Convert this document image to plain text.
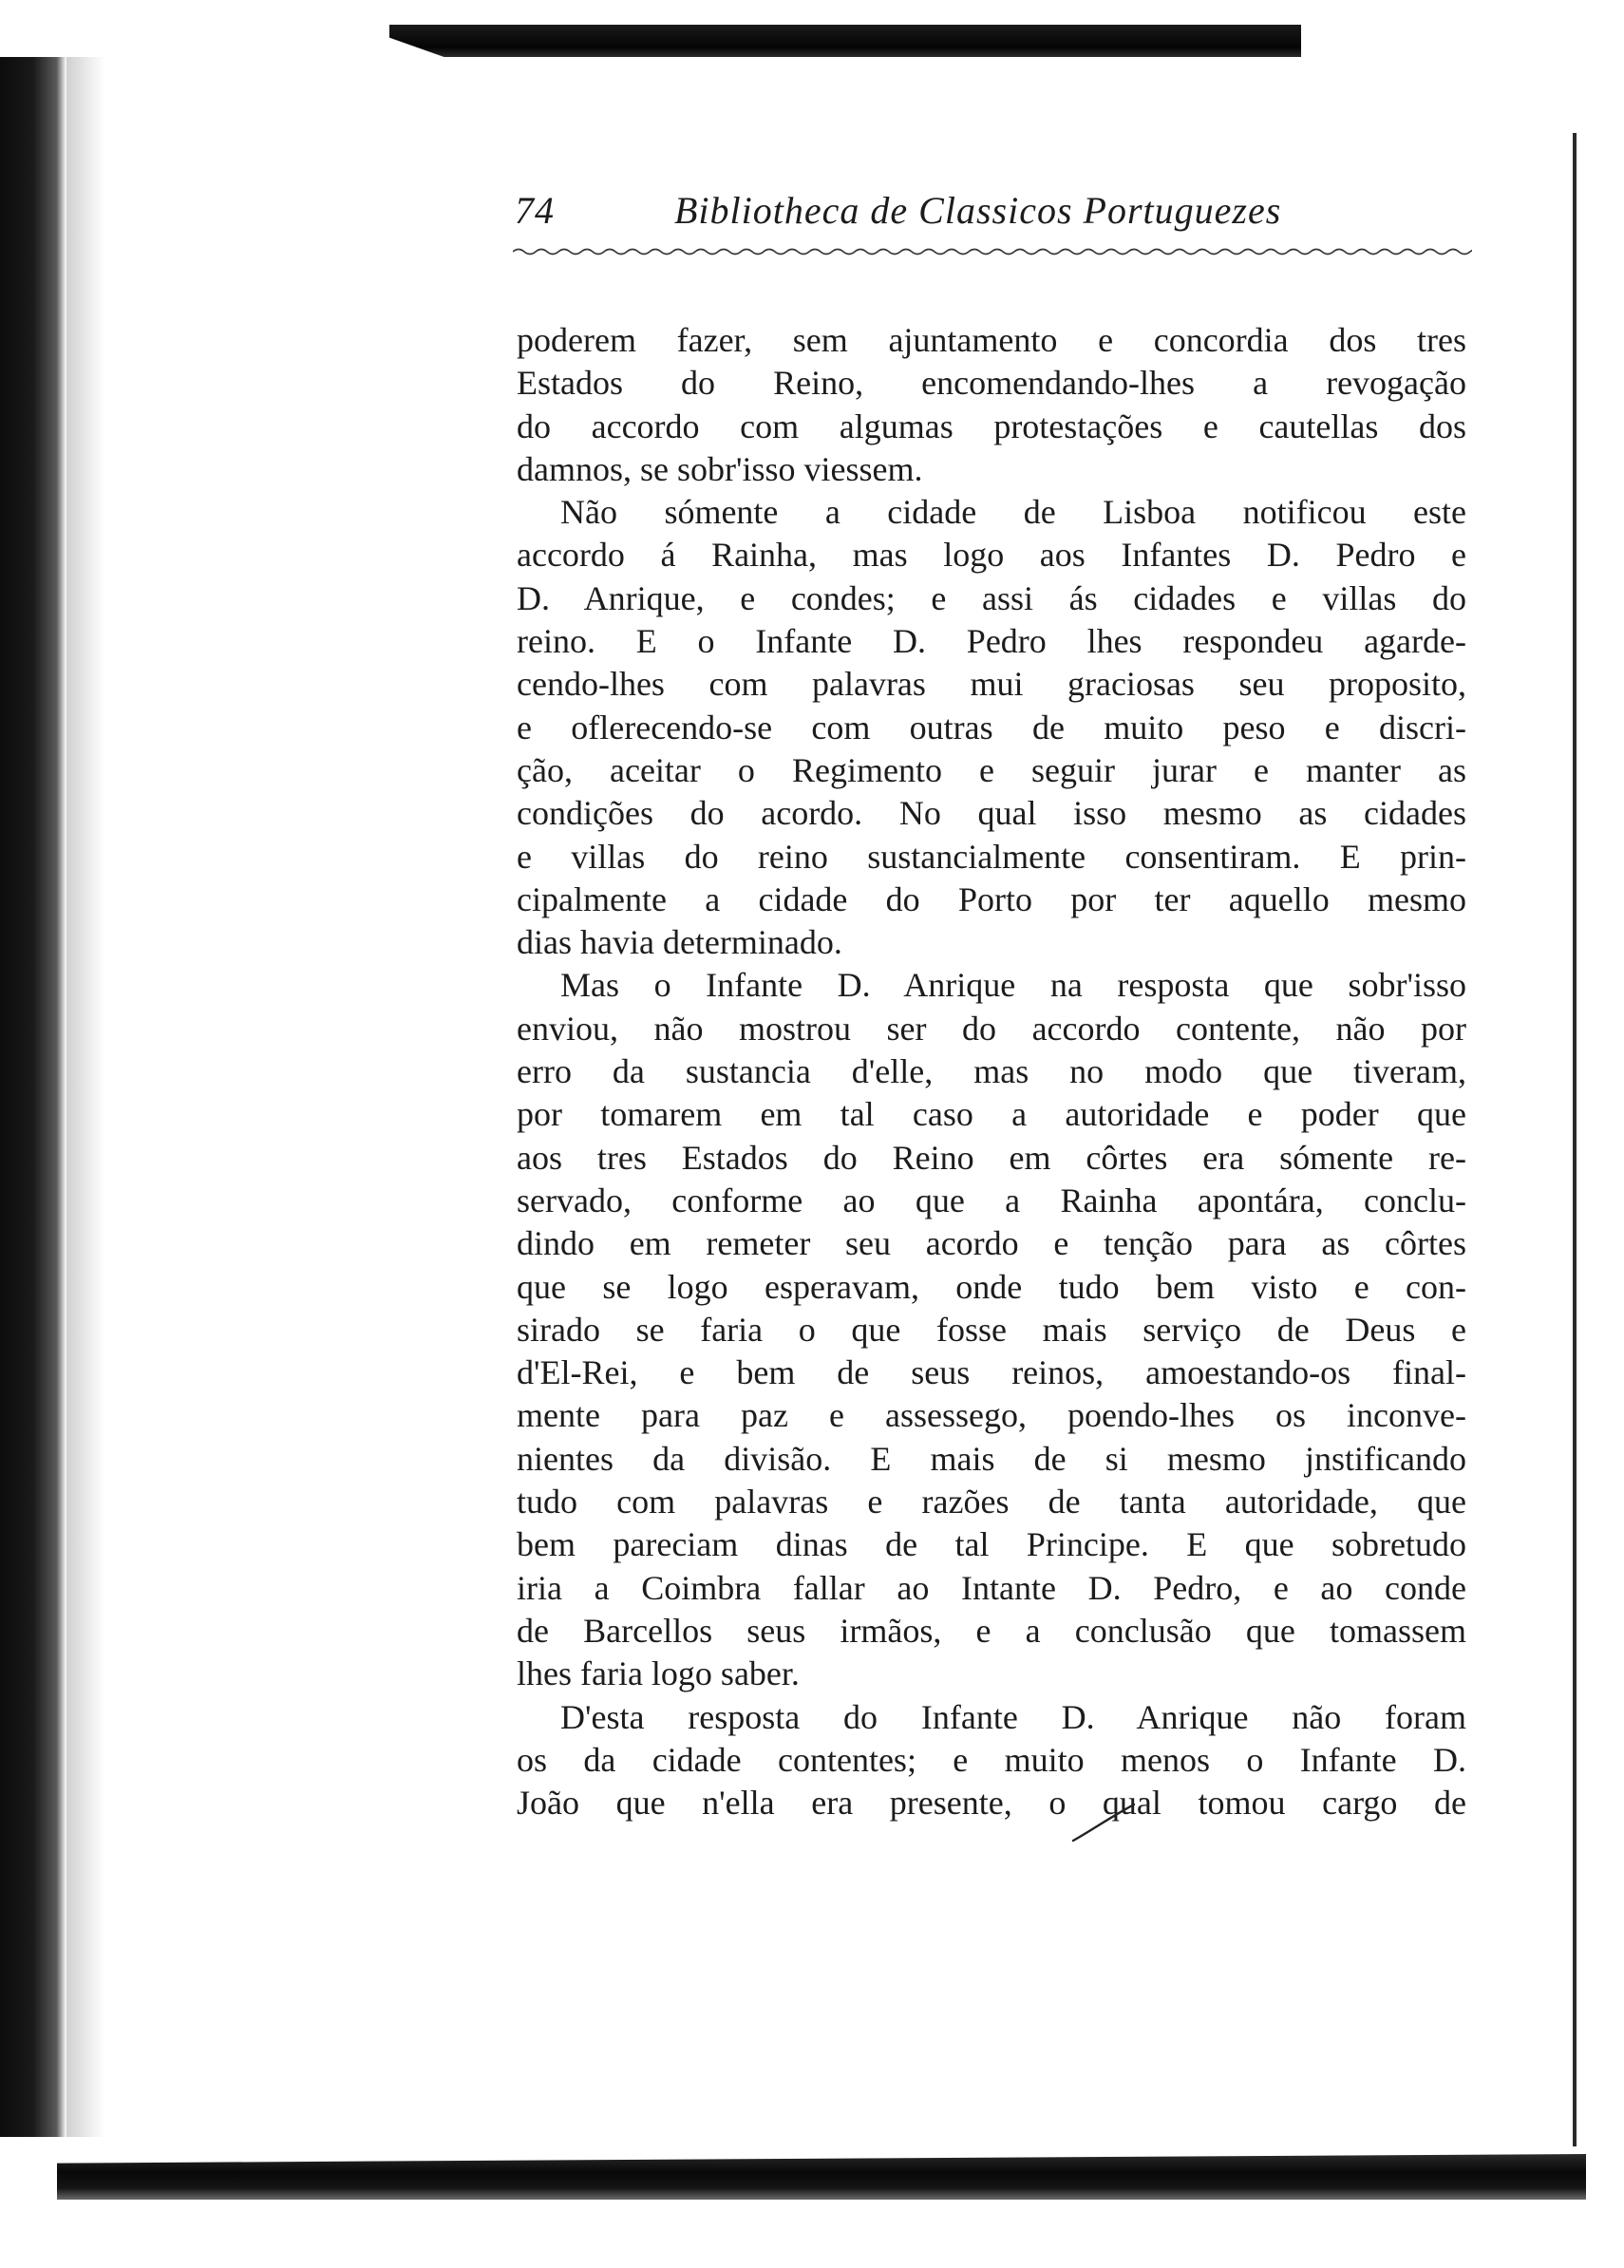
74	Bibliotheca de Classicos Portuguezes
poderem fazer, sem ajuntamento e concordia dos tres
Estados do Reino, encomendando-lhes a revogação
do accordo com algumas protestações e cautellas dos
damnos, se sobr'isso viessem.
Não sómente a cidade de Lisboa notificou este
accordo á Rainha, mas logo aos Infantes D. Pedro e
D. Anrique, e condes; e assi ás cidades e villas do
reino. E o Infante D. Pedro lhes respondeu agarde-
cendo-lhes com palavras mui graciosas seu proposito,
e oflerecendo-se com outras de muito peso e discri-
ção, aceitar o Regimento e seguir jurar e manter as
condições do acordo. No qual isso mesmo as cidades
e villas do reino sustancialmente consentiram. E prin-
cipalmente a cidade do Porto por ter aquello mesmo
dias havia determinado.
Mas o Infante D. Anrique na resposta que sobr'isso
enviou, não mostrou ser do accordo contente, não por
erro da sustancia d'elle, mas no modo que tiveram,
por tomarem em tal caso a autoridade e poder que
aos tres Estados do Reino em côrtes era sómente re-
servado, conforme ao que a Rainha apontára, conclu-
dindo em remeter seu acordo e tenção para as côrtes
que se logo esperavam, onde tudo bem visto e con-
sirado se faria o que fosse mais serviço de Deus e
d'El-Rei, e bem de seus reinos, amoestando-os final-
mente para paz e assessego, poendo-lhes os inconve-
nientes da divisão. E mais de si mesmo jnstificando
tudo com palavras e razões de tanta autoridade, que
bem pareciam dinas de tal Principe. E que sobretudo
iria a Coimbra fallar ao Intante D. Pedro, e ao conde
de Barcellos seus irmãos, e a conclusão que tomassem
lhes faria logo saber.
D'esta resposta do Infante D. Anrique não foram
os da cidade contentes; e muito menos o Infante D.
João que n'ella era presente, o qual tomou cargo de
